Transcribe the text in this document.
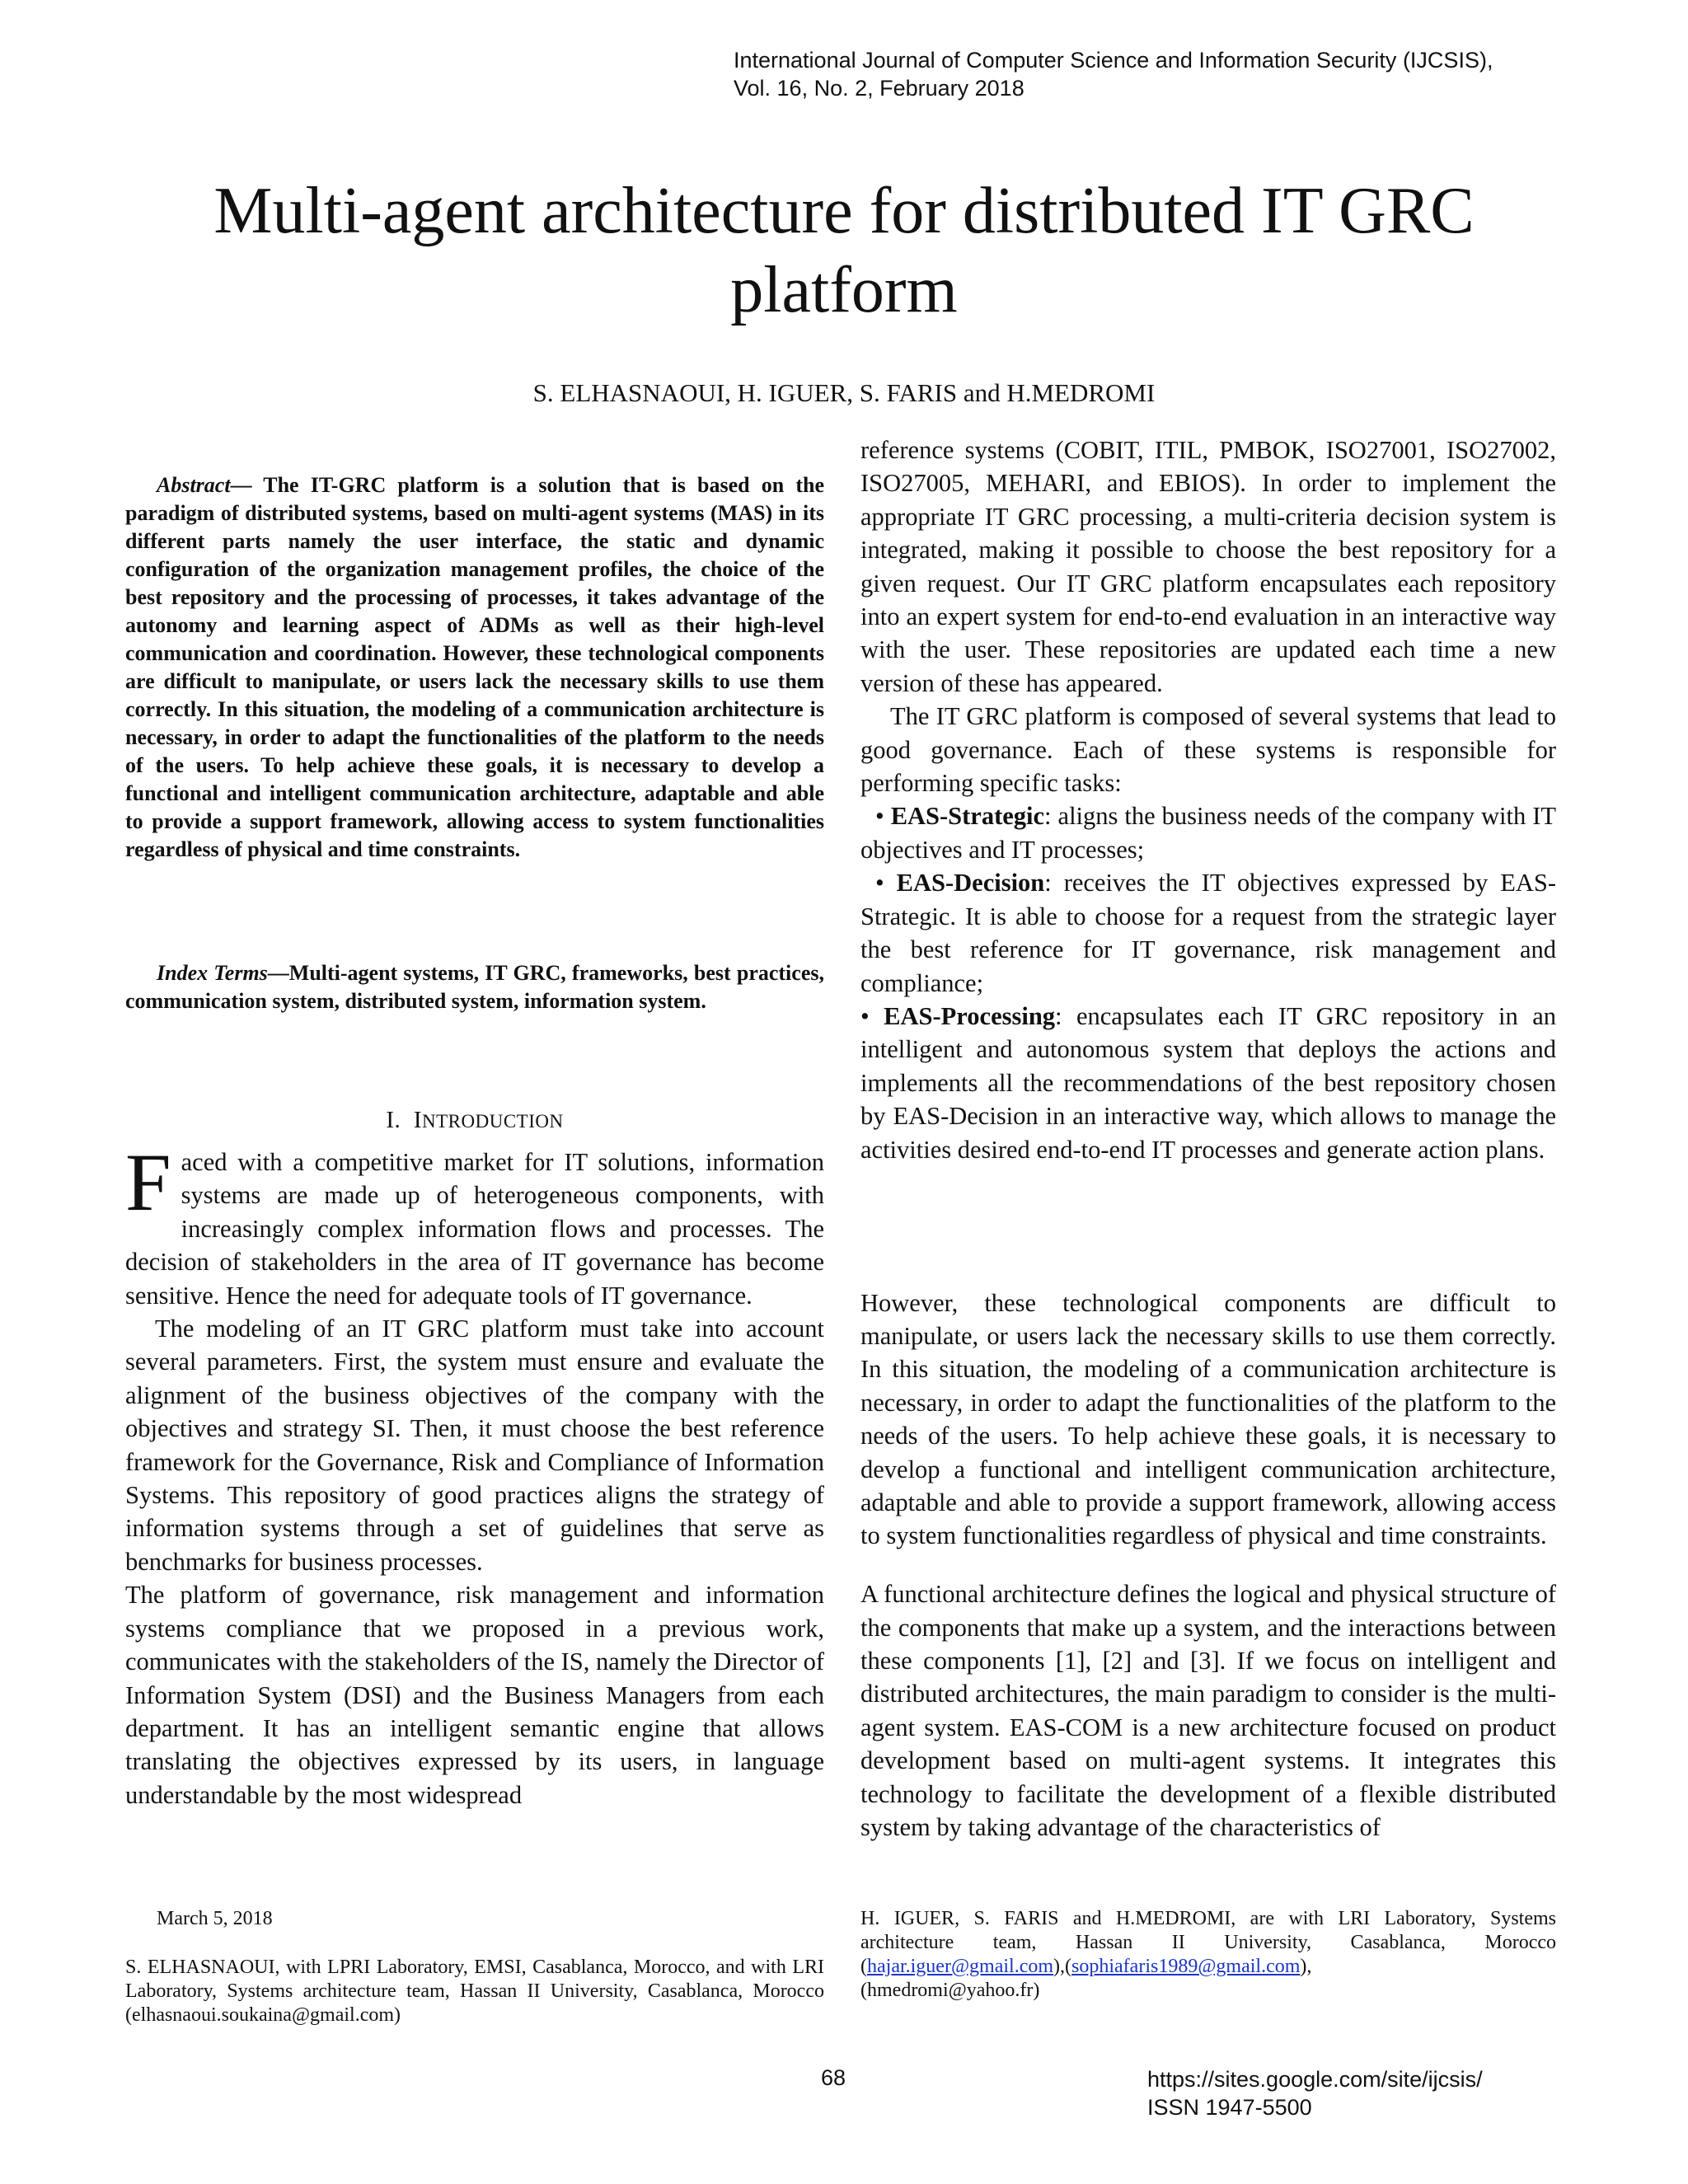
International Journal of Computer Science and Information Security (IJCSIS),
Vol. 16, No. 2, February 2018
Multi-agent architecture for distributed IT GRC
platform
S. ELHASNAOUI, H. IGUER, S. FARIS and H.MEDROMI
Abstract— The IT-GRC platform is a solution that is based on the paradigm of distributed systems, based on multi-agent systems (MAS) in its different parts namely the user interface, the static and dynamic configuration of the organization management profiles, the choice of the best repository and the processing of processes, it takes advantage of the autonomy and learning aspect of ADMs as well as their high-level communication and coordination. However, these technological components are difficult to manipulate, or users lack the necessary skills to use them correctly. In this situation, the modeling of a communication architecture is necessary, in order to adapt the functionalities of the platform to the needs of the users. To help achieve these goals, it is necessary to develop a functional and intelligent communication architecture, adaptable and able to provide a support framework, allowing access to system functionalities regardless of physical and time constraints.
Index Terms—Multi-agent systems, IT GRC, frameworks, best practices, communication system, distributed system, information system.
I. INTRODUCTION

Faced with a competitive market for IT solutions, information systems are made up of heterogeneous components, with increasingly complex information flows and processes. The decision of stakeholders in the area of IT governance has become sensitive. Hence the need for adequate tools of IT governance.

The modeling of an IT GRC platform must take into account several parameters. First, the system must ensure and evaluate the alignment of the business objectives of the company with the objectives and strategy SI. Then, it must choose the best reference framework for the Governance, Risk and Compliance of Information Systems. This repository of good practices aligns the strategy of information systems through a set of guidelines that serve as benchmarks for business processes.

The platform of governance, risk management and information systems compliance that we proposed in a previous work, communicates with the stakeholders of the IS, namely the Director of Information System (DSI) and the Business Managers from each department. It has an intelligent semantic engine that allows translating the objectives expressed by its users, in language understandable by the most widespread

reference systems (COBIT, ITIL, PMBOK, ISO27001, ISO27002, ISO27005, MEHARI, and EBIOS). In order to implement the appropriate IT GRC processing, a multi-criteria decision system is integrated, making it possible to choose the best repository for a given request. Our IT GRC platform encapsulates each repository into an expert system for end-to-end evaluation in an interactive way with the user. These repositories are updated each time a new version of these has appeared.

The IT GRC platform is composed of several systems that lead to good governance. Each of these systems is responsible for performing specific tasks:

• EAS-Strategic: aligns the business needs of the company with IT objectives and IT processes;

• EAS-Decision: receives the IT objectives expressed by EAS-Strategic. It is able to choose for a request from the strategic layer the best reference for IT governance, risk management and compliance;

• EAS-Processing: encapsulates each IT GRC repository in an intelligent and autonomous system that deploys the actions and implements all the recommendations of the best repository chosen by EAS-Decision in an interactive way, which allows to manage the activities desired end-to-end IT processes and generate action plans.

However, these technological components are difficult to manipulate, or users lack the necessary skills to use them correctly. In this situation, the modeling of a communication architecture is necessary, in order to adapt the functionalities of the platform to the needs of the users. To help achieve these goals, it is necessary to develop a functional and intelligent communication architecture, adaptable and able to provide a support framework, allowing access to system functionalities regardless of physical and time constraints.

A functional architecture defines the logical and physical structure of the components that make up a system, and the interactions between these components [1], [2] and [3]. If we focus on intelligent and distributed architectures, the main paradigm to consider is the multi-agent system. EAS-COM is a new architecture focused on product development based on multi-agent systems. It integrates this technology to facilitate the development of a flexible distributed system by taking advantage of the characteristics of

March 5, 2018
S. ELHASNAOUI, with LPRI Laboratory, EMSI, Casablanca, Morocco, and with LRI Laboratory, Systems architecture team, Hassan II University, Casablanca, Morocco (elhasnaoui.soukaina@gmail.com)
H. IGUER, S. FARIS and H.MEDROMI, are with LRI Laboratory, Systems architecture team, Hassan II University, Casablanca, Morocco (hajar.iguer@gmail.com),(sophiafaris1989@gmail.com),
(hmedromi@yahoo.fr)
68	https://sites.google.com/site/ijcsis/
ISSN 1947-5500
